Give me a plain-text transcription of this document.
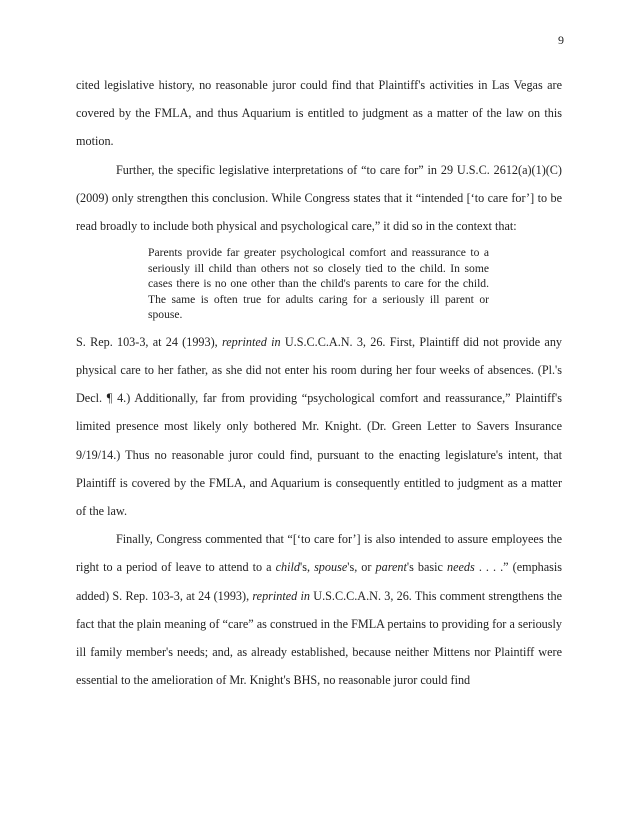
9

cited legislative history, no reasonable juror could find that Plaintiff's activities in Las Vegas are covered by the FMLA, and thus Aquarium is entitled to judgment as a matter of the law on this motion.

Further, the specific legislative interpretations of “to care for” in 29 U.S.C. 2612(a)(1)(C) (2009) only strengthen this conclusion. While Congress states that it “intended [‘to care for’] to be read broadly to include both physical and psychological care,” it did so in the context that:

Parents provide far greater psychological comfort and reassurance to a seriously ill child than others not so closely tied to the child. In some cases there is no one other than the child's parents to care for the child. The same is often true for adults caring for a seriously ill parent or spouse.

S. Rep. 103-3, at 24 (1993), reprinted in U.S.C.C.A.N. 3, 26. First, Plaintiff did not provide any physical care to her father, as she did not enter his room during her four weeks of absences. (Pl.'s Decl. ¶ 4.) Additionally, far from providing “psychological comfort and reassurance,” Plaintiff's limited presence most likely only bothered Mr. Knight. (Dr. Green Letter to Savers Insurance 9/19/14.) Thus no reasonable juror could find, pursuant to the enacting legislature's intent, that Plaintiff is covered by the FMLA, and Aquarium is consequently entitled to judgment as a matter of the law.

Finally, Congress commented that “[‘to care for’] is also intended to assure employees the right to a period of leave to attend to a child's, spouse's, or parent's basic needs . . . .” (emphasis added) S. Rep. 103-3, at 24 (1993), reprinted in U.S.C.C.A.N. 3, 26. This comment strengthens the fact that the plain meaning of “care” as construed in the FMLA pertains to providing for a seriously ill family member's needs; and, as already established, because neither Mittens nor Plaintiff were essential to the amelioration of Mr. Knight's BHS, no reasonable juror could find
